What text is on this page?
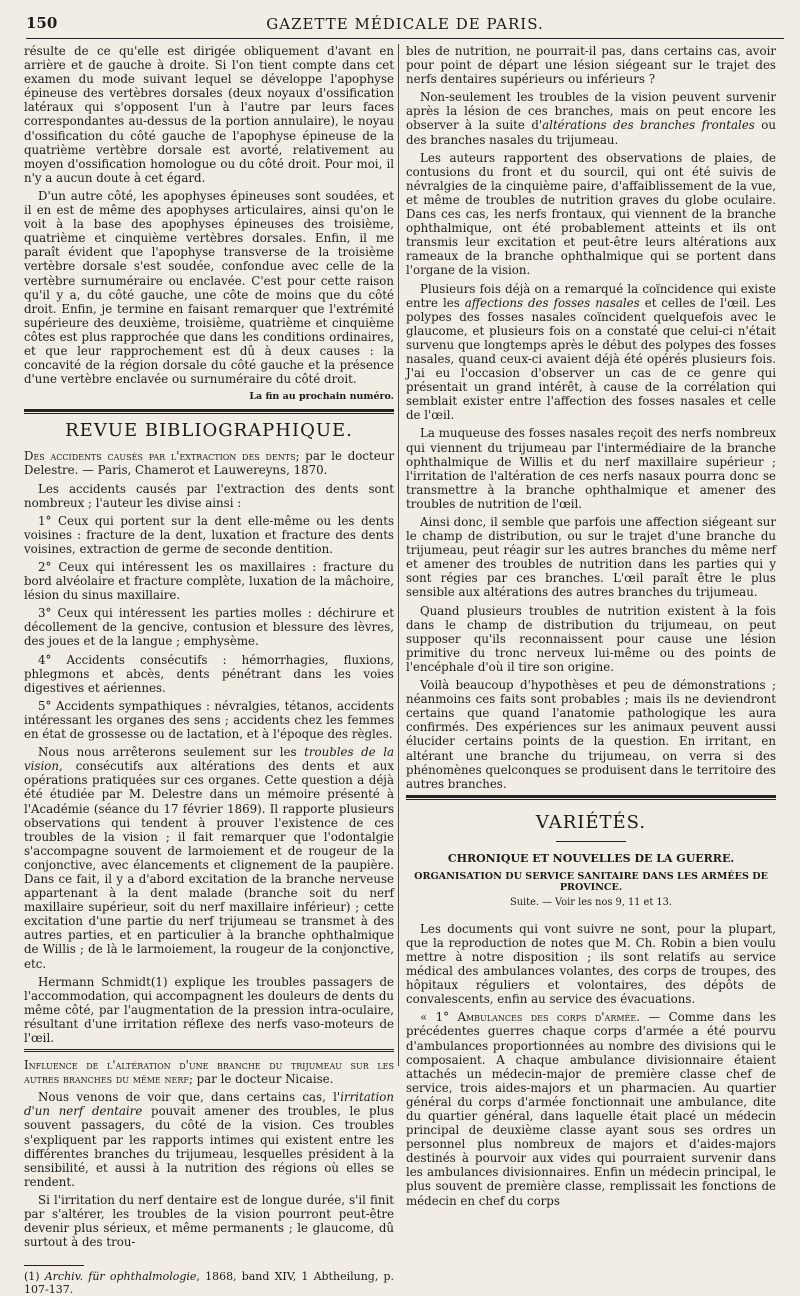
150	GAZETTE MÉDICALE DE PARIS.

résulte de ce qu'elle est dirigée obliquement d'avant en arrière et de gauche à droite. Si l'on tient compte dans cet examen du mode suivant lequel se développe l'apophyse épineuse des vertèbres dorsales (deux noyaux d'ossification latéraux qui s'opposent l'un à l'autre par leurs faces correspondantes au-dessus de la portion annulaire), le noyau d'ossification du côté gauche de l'apophyse épineuse de la quatrième vertèbre dorsale est avorté, relativement au moyen d'ossification homologue ou du côté droit. Pour moi, il n'y a aucun doute à cet égard.

D'un autre côté, les apophyses épineuses sont soudées, et il en est de même des apophyses articulaires, ainsi qu'on le voit à la base des apophyses épineuses des troisième, quatrième et cinquième vertèbres dorsales. Enfin, il me paraît évident que l'apophyse transverse de la troisième vertèbre dorsale s'est soudée, confondue avec celle de la vertèbre surnuméraire ou enclavée. C'est pour cette raison qu'il y a, du côté gauche, une côte de moins que du côté droit. Enfin, je termine en faisant remarquer que l'extrémité supérieure des deuxième, troisième, quatrième et cinquième côtes est plus rapprochée que dans les conditions ordinaires, et que leur rapprochement est dû à deux causes : la concavité de la région dorsale du côté gauche et la présence d'une vertèbre enclavée ou surnuméraire du côté droit.

La fin au prochain numéro.

REVUE BIBLIOGRAPHIQUE.

Des accidents causés par l'extraction des dents; par le docteur Delestre. — Paris, Chamerot et Lauwereyns, 1870.

Les accidents causés par l'extraction des dents sont nombreux ; l'auteur les divise ainsi :

1° Ceux qui portent sur la dent elle-même ou les dents voisines : fracture de la dent, luxation et fracture des dents voisines, extraction de germe de seconde dentition.

2° Ceux qui intéressent les os maxillaires : fracture du bord alvéolaire et fracture complète, luxation de la mâchoire, lésion du sinus maxillaire.

3° Ceux qui intéressent les parties molles : déchirure et décollement de la gencive, contusion et blessure des lèvres, des joues et de la langue ; emphysème.

4° Accidents consécutifs : hémorrhagies, fluxions, phlegmons et abcès, dents pénétrant dans les voies digestives et aériennes.

5° Accidents sympathiques : névralgies, tétanos, accidents intéressant les organes des sens ; accidents chez les femmes en état de grossesse ou de lactation, et à l'époque des règles.

Nous nous arrêterons seulement sur les troubles de la vision, consécutifs aux altérations des dents et aux opérations pratiquées sur ces organes. Cette question a déjà été étudiée par M. Delestre dans un mémoire présenté à l'Académie (séance du 17 février 1869). Il rapporte plusieurs observations qui tendent à prouver l'existence de ces troubles de la vision ; il fait remarquer que l'odontalgie s'accompagne souvent de larmoiement et de rougeur de la conjonctive, avec élancements et clignement de la paupière. Dans ce fait, il y a d'abord excitation de la branche nerveuse appartenant à la dent malade (branche soit du nerf maxillaire supérieur, soit du nerf maxillaire inférieur) ; cette excitation d'une partie du nerf trijumeau se transmet à des autres parties, et en particulier à la branche ophthalmique de Willis ; de là le larmoiement, la rougeur de la conjonctive, etc.

Hermann Schmidt(1) explique les troubles passagers de l'accommodation, qui accompagnent les douleurs de dents du même côté, par l'augmentation de la pression intra-oculaire, résultant d'une irritation réflexe des nerfs vaso-moteurs de l'œil.

Influence de l'altération d'une branche du trijumeau sur les autres branches du même nerf; par le docteur Nicaise.

Nous venons de voir que, dans certains cas, l'irritation d'un nerf dentaire pouvait amener des troubles, le plus souvent passagers, du côté de la vision. Ces troubles s'expliquent par les rapports intimes qui existent entre les différentes branches du trijumeau, lesquelles président à la sensibilité, et aussi à la nutrition des régions où elles se rendent.

Si l'irritation du nerf dentaire est de longue durée, s'il finit par s'altérer, les troubles de la vision pourront peut-être devenir plus sérieux, et même permanents ; le glaucome, dû surtout à des trou-

(1) Archiv. für ophthalmologie, 1868, band XIV, 1 Abtheilung, p. 107-137.

bles de nutrition, ne pourrait-il pas, dans certains cas, avoir pour point de départ une lésion siégeant sur le trajet des nerfs dentaires supérieurs ou inférieurs ?

Non-seulement les troubles de la vision peuvent survenir après la lésion de ces branches, mais on peut encore les observer à la suite d'altérations des branches frontales ou des branches nasales du trijumeau.

Les auteurs rapportent des observations de plaies, de contusions du front et du sourcil, qui ont été suivis de névralgies de la cinquième paire, d'affaiblissement de la vue, et même de troubles de nutrition graves du globe oculaire. Dans ces cas, les nerfs frontaux, qui viennent de la branche ophthalmique, ont été probablement atteints et ils ont transmis leur excitation et peut-être leurs altérations aux rameaux de la branche ophthalmique qui se portent dans l'organe de la vision.

Plusieurs fois déjà on a remarqué la coïncidence qui existe entre les affections des fosses nasales et celles de l'œil. Les polypes des fosses nasales coïncident quelquefois avec le glaucome, et plusieurs fois on a constaté que celui-ci n'était survenu que longtemps après le début des polypes des fosses nasales, quand ceux-ci avaient déjà été opérés plusieurs fois. J'ai eu l'occasion d'observer un cas de ce genre qui présentait un grand intérêt, à cause de la corrélation qui semblait exister entre l'affection des fosses nasales et celle de l'œil.

La muqueuse des fosses nasales reçoit des nerfs nombreux qui viennent du trijumeau par l'intermédiaire de la branche ophthalmique de Willis et du nerf maxillaire supérieur ; l'irritation de l'altération de ces nerfs nasaux pourra donc se transmettre à la branche ophthalmique et amener des troubles de nutrition de l'œil.

Ainsi donc, il semble que parfois une affection siégeant sur le champ de distribution, ou sur le trajet d'une branche du trijumeau, peut réagir sur les autres branches du même nerf et amener des troubles de nutrition dans les parties qui y sont régies par ces branches. L'œil paraît être le plus sensible aux altérations des autres branches du trijumeau.

Quand plusieurs troubles de nutrition existent à la fois dans le champ de distribution du trijumeau, on peut supposer qu'ils reconnaissent pour cause une lésion primitive du tronc nerveux lui-même ou des points de l'encéphale d'où il tire son origine.

Voilà beaucoup d'hypothèses et peu de démonstrations ; néanmoins ces faits sont probables ; mais ils ne deviendront certains que quand l'anatomie pathologique les aura confirmés. Des expériences sur les animaux peuvent aussi élucider certains points de la question. En irritant, en altérant une branche du trijumeau, on verra si des phénomènes quelconques se produisent dans le territoire des autres branches.

VARIÉTÉS.
CHRONIQUE ET NOUVELLES DE LA GUERRE.
ORGANISATION DU SERVICE SANITAIRE DANS LES ARMÉES DE PROVINCE.
Suite. — Voir les nos 9, 11 et 13.

Les documents qui vont suivre ne sont, pour la plupart, que la reproduction de notes que M. Ch. Robin a bien voulu mettre à notre disposition ; ils sont relatifs au service médical des ambulances volantes, des corps de troupes, des hôpitaux réguliers et volontaires, des dépôts de convalescents, enfin au service des évacuations.

« 1° Ambulances des corps d'armée. — Comme dans les précédentes guerres chaque corps d'armée a été pourvu d'ambulances proportionnées au nombre des divisions qui le composaient. A chaque ambulance divisionnaire étaient attachés un médecin-major de première classe chef de service, trois aides-majors et un pharmacien. Au quartier général du corps d'armée fonctionnait une ambulance, dite du quartier général, dans laquelle était placé un médecin principal de deuxième classe ayant sous ses ordres un personnel plus nombreux de majors et d'aides-majors destinés à pourvoir aux vides qui pourraient survenir dans les ambulances divisionnaires. Enfin un médecin principal, le plus souvent de première classe, remplissait les fonctions de médecin en chef du corps
